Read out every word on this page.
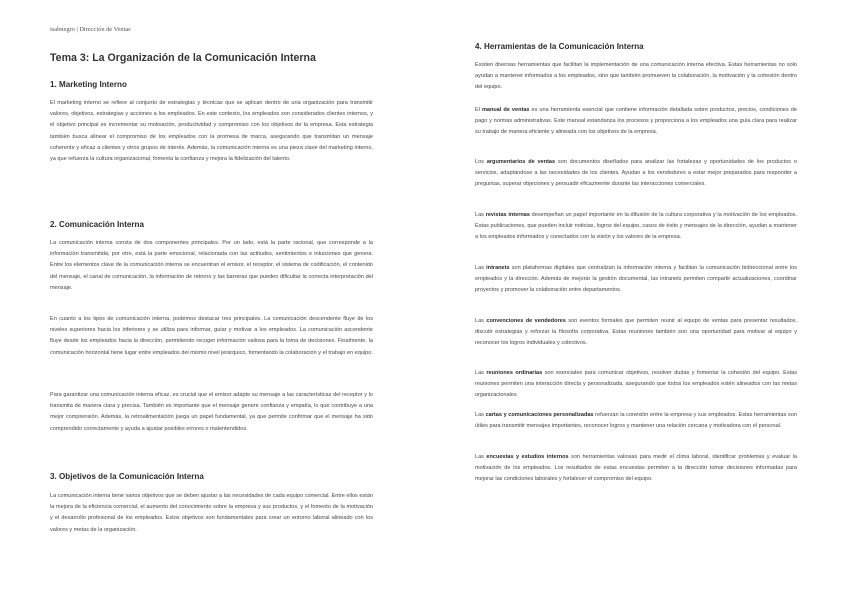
isabnegro | Dirección de Ventas
Tema 3: La Organización de la Comunicación Interna
1. Marketing Interno

El marketing interno se refiere al conjunto de estrategias y técnicas que se aplican dentro de una organización para transmitir valores, objetivos, estrategias y acciones a los empleados. En este contexto, los empleados son considerados clientes internos, y el objetivo principal es incrementar su motivación, productividad y compromiso con los objetivos de la empresa. Esta estrategia también busca alinear el compromiso de los empleados con la promesa de marca, asegurando que transmitan un mensaje coherente y eficaz a clientes y otros grupos de interés. Además, la comunicación interna es una pieza clave del marketing interno, ya que refuerza la cultura organizacional, fomenta la confianza y mejora la fidelización del talento.

2. Comunicación Interna

La comunicación interna consta de dos componentes principales. Por un lado, está la parte racional, que corresponde a la información transmitida; por otro, está la parte emocional, relacionada con las actitudes, sentimientos e intuiciones que genera. Entre los elementos clave de la comunicación interna se encuentran el emisor, el receptor, el sistema de codificación, el contenido del mensaje, el canal de comunicación, la información de retorno y las barreras que pueden dificultar la correcta interpretación del mensaje.

En cuanto a los tipos de comunicación interna, podemos destacar tres principales. La comunicación descendente fluye de los niveles superiores hacia los inferiores y se utiliza para informar, guiar y motivar a los empleados. La comunicación ascendente fluye desde los empleados hacia la dirección, permitiendo recoger información valiosa para la toma de decisiones. Finalmente, la comunicación horizontal tiene lugar entre empleados del mismo nivel jerárquico, fomentando la colaboración y el trabajo en equipo.

Para garantizar una comunicación interna eficaz, es crucial que el emisor adapte su mensaje a las características del receptor y lo transmita de manera clara y precisa. También es importante que el mensaje genere confianza y empatía, lo que contribuye a una mejor comprensión. Además, la retroalimentación juega un papel fundamental, ya que permite confirmar que el mensaje ha sido comprendido correctamente y ayuda a ajustar posibles errores o malentendidos.

3. Objetivos de la Comunicación Interna

La comunicación interna tiene varios objetivos que se deben ajustar a las necesidades de cada equipo comercial. Entre ellos están la mejora de la eficiencia comercial, el aumento del conocimiento sobre la empresa y sus productos, y el fomento de la motivación y el desarrollo profesional de los empleados. Estos objetivos son fundamentales para crear un entorno laboral alineado con los valores y metas de la organización.

4. Herramientas de la Comunicación Interna

Existen diversas herramientas que facilitan la implementación de una comunicación interna efectiva. Estas herramientas no solo ayudan a mantener informados a los empleados, sino que también promueven la colaboración, la motivación y la cohesión dentro del equipo.

El manual de ventas es una herramienta esencial que contiene información detallada sobre productos, precios, condiciones de pago y normas administrativas. Este manual estandariza los procesos y proporciona a los empleados una guía clara para realizar su trabajo de manera eficiente y alineada con los objetivos de la empresa.

Los argumentarios de ventas son documentos diseñados para analizar las fortalezas y oportunidades de los productos o servicios, adaptándose a las necesidades de los clientes. Ayudan a los vendedores a estar mejor preparados para responder a preguntas, superar objeciones y persuadir eficazmente durante las interacciones comerciales.

Las revistas internas desempeñan un papel importante en la difusión de la cultura corporativa y la motivación de los empleados. Estas publicaciones, que pueden incluir noticias, logros del equipo, casos de éxito y mensajes de la dirección, ayudan a mantener a los empleados informados y conectados con la visión y los valores de la empresa.

Las intranets son plataformas digitales que centralizan la información interna y facilitan la comunicación bidireccional entre los empleados y la dirección. Además de mejorar la gestión documental, las intranets permiten compartir actualizaciones, coordinar proyectos y promover la colaboración entre departamentos.

Las convenciones de vendedores son eventos formales que permiten reunir al equipo de ventas para presentar resultados, discutir estrategias y reforzar la filosofía corporativa. Estas reuniones también son una oportunidad para motivar al equipo y reconocer los logros individuales y colectivos.

Las reuniones ordinarias son esenciales para comunicar objetivos, resolver dudas y fomentar la cohesión del equipo. Estas reuniones permiten una interacción directa y personalizada, asegurando que todos los empleados estén alineados con las metas organizacionales.

Las cartas y comunicaciones personalizadas refuerzan la conexión entre la empresa y sus empleados. Estas herramientas son útiles para transmitir mensajes importantes, reconocer logros y mantener una relación cercana y motivadora con el personal.

Las encuestas y estudios internos son herramientas valiosas para medir el clima laboral, identificar problemas y evaluar la motivación de los empleados. Los resultados de estas encuestas permiten a la dirección tomar decisiones informadas para mejorar las condiciones laborales y fortalecer el compromiso del equipo.
